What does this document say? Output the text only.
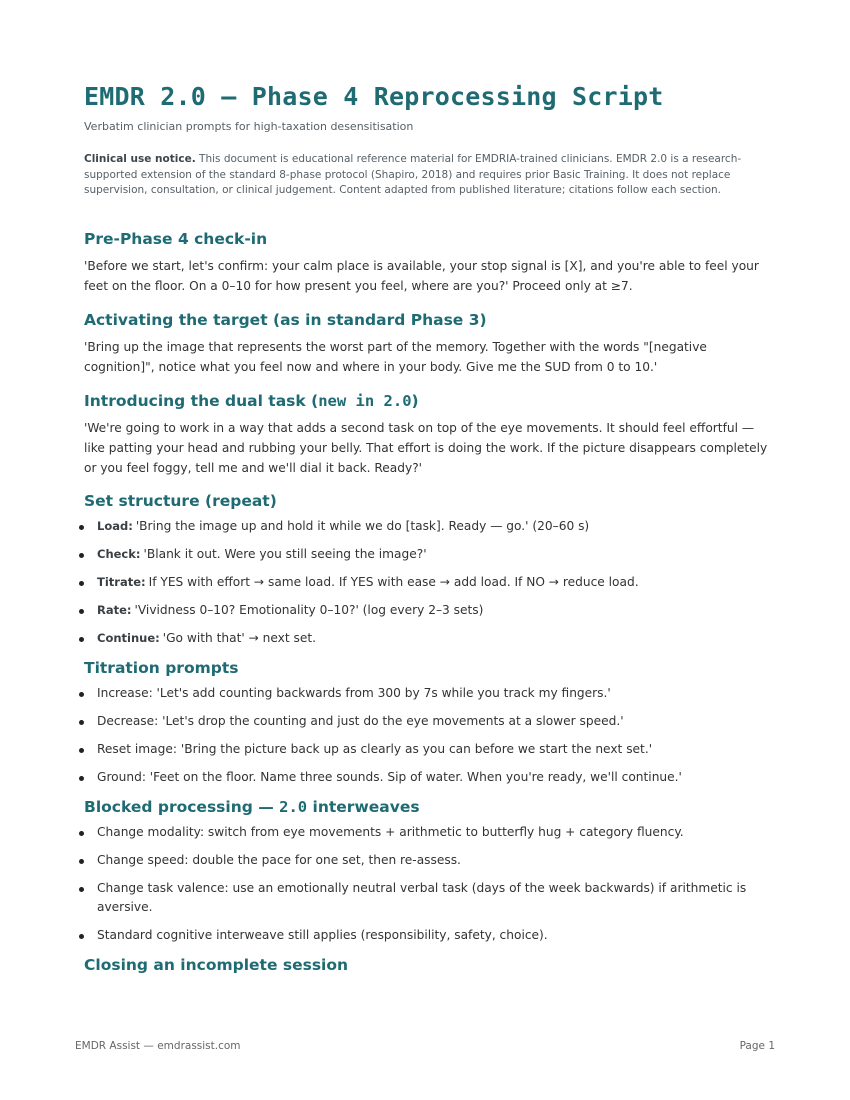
EMDR 2.0 — Phase 4 Reprocessing Script
Verbatim clinician prompts for high-taxation desensitisation
Clinical use notice. This document is educational reference material for EMDRIA-trained clinicians. EMDR 2.0 is a research-supported extension of the standard 8-phase protocol (Shapiro, 2018) and requires prior Basic Training. It does not replace supervision, consultation, or clinical judgement. Content adapted from published literature; citations follow each section.
Pre-Phase 4 check-in

'Before we start, let's confirm: your calm place is available, your stop signal is [X], and you're able to feel your feet on the floor. On a 0–10 for how present you feel, where are you?' Proceed only at ≥7.

Activating the target (as in standard Phase 3)

'Bring up the image that represents the worst part of the memory. Together with the words "[negative cognition]", notice what you feel now and where in your body. Give me the SUD from 0 to 10.'

Introducing the dual task (new in 2.0)

'We're going to work in a way that adds a second task on top of the eye movements. It should feel effortful — like patting your head and rubbing your belly. That effort is doing the work. If the picture disappears completely or you feel foggy, tell me and we'll dial it back. Ready?'

Set structure (repeat)
Load: 'Bring the image up and hold it while we do [task]. Ready — go.' (20–60 s)
Check: 'Blank it out. Were you still seeing the image?'
Titrate: If YES with effort → same load. If YES with ease → add load. If NO → reduce load.
Rate: 'Vividness 0–10? Emotionality 0–10?' (log every 2–3 sets)
Continue: 'Go with that' → next set.
Titration prompts
Increase: 'Let's add counting backwards from 300 by 7s while you track my fingers.'
Decrease: 'Let's drop the counting and just do the eye movements at a slower speed.'
Reset image: 'Bring the picture back up as clearly as you can before we start the next set.'
Ground: 'Feet on the floor. Name three sounds. Sip of water. When you're ready, we'll continue.'
Blocked processing — 2.0 interweaves
Change modality: switch from eye movements + arithmetic to butterfly hug + category fluency.
Change speed: double the pace for one set, then re-assess.
Change task valence: use an emotionally neutral verbal task (days of the week backwards) if arithmetic is aversive.
Standard cognitive interweave still applies (responsibility, safety, choice).
Closing an incomplete session
EMDR Assist — emdrassist.com	Page 1
